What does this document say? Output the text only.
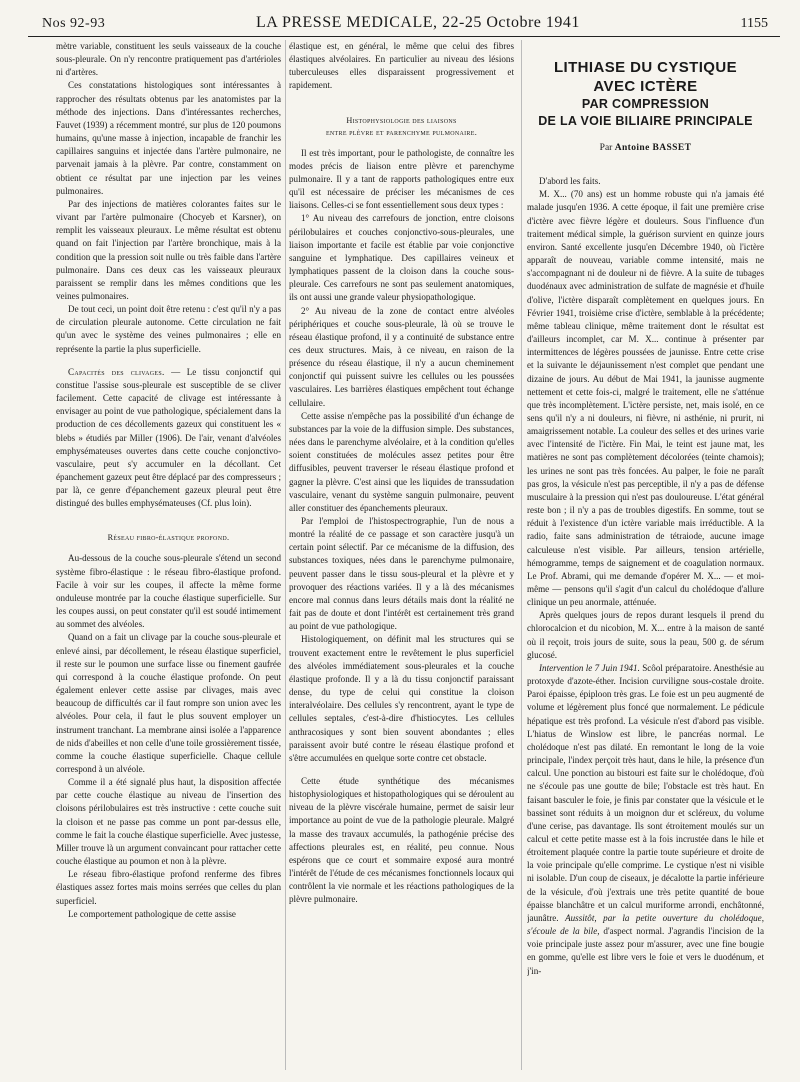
Nos 92-93	LA PRESSE MEDICALE, 22-25 Octobre 1941	1155

mètre variable, constituent les seuls vaisseaux de la couche sous-pleurale. On n'y rencontre pratiquement pas d'artérioles ni d'artères.

Ces constatations histologiques sont intéressantes à rapprocher des résultats obtenus par les anatomistes par la méthode des injections. Dans d'intéressantes recherches, Fauvet (1939) a récemment montré, sur plus de 120 poumons humains, qu'une masse à injection, incapable de franchir les capillaires sanguins et injectée dans l'artère pulmonaire, ne parvenait jamais à la plèvre. Par contre, constamment on obtient ce résultat par une injection par les veines pulmonaires.

Par des injections de matières colorantes faites sur le vivant par l'artère pulmonaire (Chocyeb et Karsner), on remplit les vaisseaux pleuraux. Le même résultat est obtenu quand on fait l'injection par l'artère bronchique, mais à la condition que la pression soit nulle ou très faible dans l'artère pulmonaire. Dans ces deux cas les vaisseaux pleuraux paraissent se remplir dans les mêmes conditions que les veines pulmonaires.

De tout ceci, un point doit être retenu : c'est qu'il n'y a pas de circulation pleurale autonome. Cette circulation ne fait qu'un avec le système des veines pulmonaires ; elle en représente la partie la plus superficielle.

Capacités des clivages. — Le tissu conjonctif qui constitue l'assise sous-pleurale est susceptible de se cliver facilement. Cette capacité de clivage est intéressante à envisager au point de vue pathologique, spécialement dans la production de ces décollements gazeux qui constituent les « blebs » étudiés par Miller (1906). De l'air, venant d'alvéoles emphysémateuses ouvertes dans cette couche conjonctivo-vasculaire, peut s'y accumuler en la décollant. Cet épanchement gazeux peut être déplacé par des compresseurs ; par là, ce genre d'épanchement gazeux pleural peut être distingué des bulles emphysémateuses (Cf. plus loin).

Réseau fibro-élastique profond.

Au-dessous de la couche sous-pleurale s'étend un second système fibro-élastique : le réseau fibro-élastique profond. Facile à voir sur les coupes, il affecte la même forme onduleuse montrée par la couche élastique superficielle. Sur les coupes aussi, on peut constater qu'il est soudé intimement au sommet des alvéoles.

Quand on a fait un clivage par la couche sous-pleurale et enlevé ainsi, par décollement, le réseau élastique superficiel, il reste sur le poumon une surface lisse ou finement gaufrée qui correspond à la couche élastique profonde. On peut également enlever cette assise par clivages, mais avec beaucoup de difficultés car il faut rompre son union avec les alvéoles. Pour cela, il faut le plus souvent employer un instrument tranchant. La membrane ainsi isolée a l'apparence de nids d'abeilles et non celle d'une toile grossièrement tissée, comme la couche élastique superficielle. Chaque cellule correspond à un alvéole.

Comme il a été signalé plus haut, la disposition affectée par cette couche élastique au niveau de l'insertion des cloisons périlobulaires est très instructive : cette couche suit la cloison et ne passe pas comme un pont par-dessus elle, comme le fait la couche élastique superficielle. Avec justesse, Miller trouve là un argument convaincant pour rattacher cette couche élastique au poumon et non à la plèvre.

Le réseau fibro-élastique profond renferme des fibres élastiques assez fortes mais moins serrées que celles du plan superficiel.

Le comportement pathologique de cette assise

élastique est, en général, le même que celui des fibres élastiques alvéolaires. En particulier au niveau des lésions tuberculeuses elles disparaissent progressivement et rapidement.

Histophysiologie des liaisons
entre plèvre et parenchyme pulmonaire.

Il est très important, pour le pathologiste, de connaître les modes précis de liaison entre plèvre et parenchyme pulmonaire. Il y a tant de rapports pathologiques entre eux qu'il est nécessaire de préciser les mécanismes de ces liaisons. Celles-ci se font essentiellement sous deux types :

1° Au niveau des carrefours de jonction, entre cloisons périlobulaires et couches conjonctivo-sous-pleurales, une liaison importante et facile est établie par voie conjonctive sanguine et lymphatique. Des capillaires veineux et lymphatiques passent de la cloison dans la couche sous-pleurale. Ces carrefours ne sont pas seulement anatomiques, ils ont aussi une grande valeur physiopathologique.

2° Au niveau de la zone de contact entre alvéoles périphériques et couche sous-pleurale, là où se trouve le réseau élastique profond, il y a continuité de substance entre ces deux structures. Mais, à ce niveau, en raison de la présence du réseau élastique, il n'y a aucun cheminement conjonctif qui puissent suivre les cellules ou les poussées vasculaires. Les barrières élastiques empêchent tout échange cellulaire.

Cette assise n'empêche pas la possibilité d'un échange de substances par la voie de la diffusion simple. Des substances, nées dans le parenchyme alvéolaire, et à la condition qu'elles soient constituées de molécules assez petites pour être diffusibles, peuvent traverser le réseau élastique profond et gagner la plèvre. C'est ainsi que les liquides de transsudation vasculaire, venant du système sanguin pulmonaire, peuvent aller constituer des épanchements pleuraux.

Par l'emploi de l'histospectrographie, l'un de nous a montré la réalité de ce passage et son caractère jusqu'à un certain point sélectif. Par ce mécanisme de la diffusion, des substances toxiques, nées dans le parenchyme pulmonaire, peuvent passer dans le tissu sous-pleural et la plèvre et y provoquer des réactions variées. Il y a là des mécanismes encore mal connus dans leurs détails mais dont la réalité ne fait pas de doute et dont l'intérêt est certainement très grand au point de vue pathologique.

Histologiquement, on définit mal les structures qui se trouvent exactement entre le revêtement le plus superficiel des alvéoles immédiatement sous-pleurales et la couche élastique profonde. Il y a là du tissu conjonctif paraissant dense, du type de celui qui constitue la cloison interalvéolaire. Des cellules s'y rencontrent, ayant le type de cellules septales, c'est-à-dire d'histiocytes. Les cellules anthracosiques y sont bien souvent abondantes ; elles paraissent avoir buté contre le réseau élastique profond et s'être accumulées en quelque sorte contre cet obstacle.

Cette étude synthétique des mécanismes histophysiologiques et histopathologiques qui se déroulent au niveau de la plèvre viscérale humaine, permet de saisir leur importance au point de vue de la pathologie pleurale. Malgré la masse des travaux accumulés, la pathogénie précise des affections pleurales est, en réalité, peu connue. Nous espérons que ce court et sommaire exposé aura montré l'intérêt de l'étude de ces mécanismes fonctionnels locaux qui contrôlent la vie normale et les réactions pathologiques de la plèvre pulmonaire.

LITHIASE DU CYSTIQUE
AVEC ICTÈRE
PAR COMPRESSION
DE LA VOIE BILIAIRE PRINCIPALE
Par Antoine BASSET

D'abord les faits.

M. X... (70 ans) est un homme robuste qui n'a jamais été malade jusqu'en 1936. A cette époque, il fait une première crise d'ictère avec fièvre légère et douleurs. Sous l'influence d'un traitement médical simple, la guérison survient en quinze jours environ. Santé excellente jusqu'en Décembre 1940, où l'ictère apparaît de nouveau, variable comme intensité, mais ne s'accompagnant ni de douleur ni de fièvre. A la suite de tubages duodénaux avec administration de sulfate de magnésie et d'huile d'olive, l'ictère disparaît complètement en quelques jours. En Février 1941, troisième crise d'ictère, semblable à la précédente; même tableau clinique, même traitement dont le résultat est d'ailleurs incomplet, car M. X... continue à présenter par intermittences de légères poussées de jaunisse. Entre cette crise et la suivante le déjaunissement n'est complet que pendant une dizaine de jours. Au début de Mai 1941, la jaunisse augmente nettement et cette fois-ci, malgré le traitement, elle ne s'atténue que très incomplètement. L'ictère persiste, net, mais isolé, en ce sens qu'il n'y a ni douleurs, ni fièvre, ni asthénie, ni prurit, ni amaigrissement notable. La couleur des selles et des urines varie avec l'intensité de l'ictère. Fin Mai, le teint est jaune mat, les matières ne sont pas complètement décolorées (teinte chamois); les urines ne sont pas très foncées. Au palper, le foie ne paraît pas gros, la vésicule n'est pas perceptible, il n'y a pas de défense musculaire à la pression qui n'est pas douloureuse. L'état général reste bon ; il n'y a pas de troubles digestifs. En somme, tout se réduit à l'existence d'un ictère variable mais irréductible. A la radio, faite sans administration de tétraiode, aucune image calculeuse n'est visible. Par ailleurs, tension artérielle, hémogramme, temps de saignement et de coagulation normaux. Le Prof. Abrami, qui me demande d'opérer M. X... — et moi-même — pensons qu'il s'agit d'un calcul du cholédoque d'allure clinique un peu anormale, atténuée.

Après quelques jours de repos durant lesquels il prend du chlorocalcion et du nicobion, M. X... entre à la maison de santé où il reçoit, trois jours de suite, sous la peau, 500 g. de sérum glucosé.

Intervention le 7 Juin 1941. Scôol préparatoire. Anesthésie au protoxyde d'azote-éther. Incision curviligne sous-costale droite. Paroi épaisse, épiploon très gras. Le foie est un peu augmenté de volume et légèrement plus foncé que normalement. Le pédicule hépatique est très profond. La vésicule n'est d'abord pas visible. L'hiatus de Winslow est libre, le pancréas normal. Le cholédoque n'est pas dilaté. En remontant le long de la voie principale, l'index perçoit très haut, dans le hile, la présence d'un calcul. Une ponction au bistouri est faite sur le cholédoque, d'où ne s'écoule pas une goutte de bile; l'obstacle est très haut. En faisant basculer le foie, je finis par constater que la vésicule et le bassinet sont réduits à un moignon dur et scléreux, du volume d'une cerise, pas davantage. Ils sont étroitement moulés sur un calcul et cette petite masse est à la fois incrustée dans le hile et étroitement plaquée contre la partie toute supérieure et droite de la voie principale qu'elle comprime. Le cystique n'est ni visible ni isolable. D'un coup de ciseaux, je décalotte la partie inférieure de la vésicule, d'où j'extrais une très petite quantité de boue épaisse blanchâtre et un calcul muriforme arrondi, enchâtonné, jaunâtre. Aussitôt, par la petite ouverture du cholédoque, s'écoule de la bile, d'aspect normal. J'agrandis l'incision de la voie principale juste assez pour m'assurer, avec une fine bougie en gomme, qu'elle est libre vers le foie et vers le duodénum, et j'in-
